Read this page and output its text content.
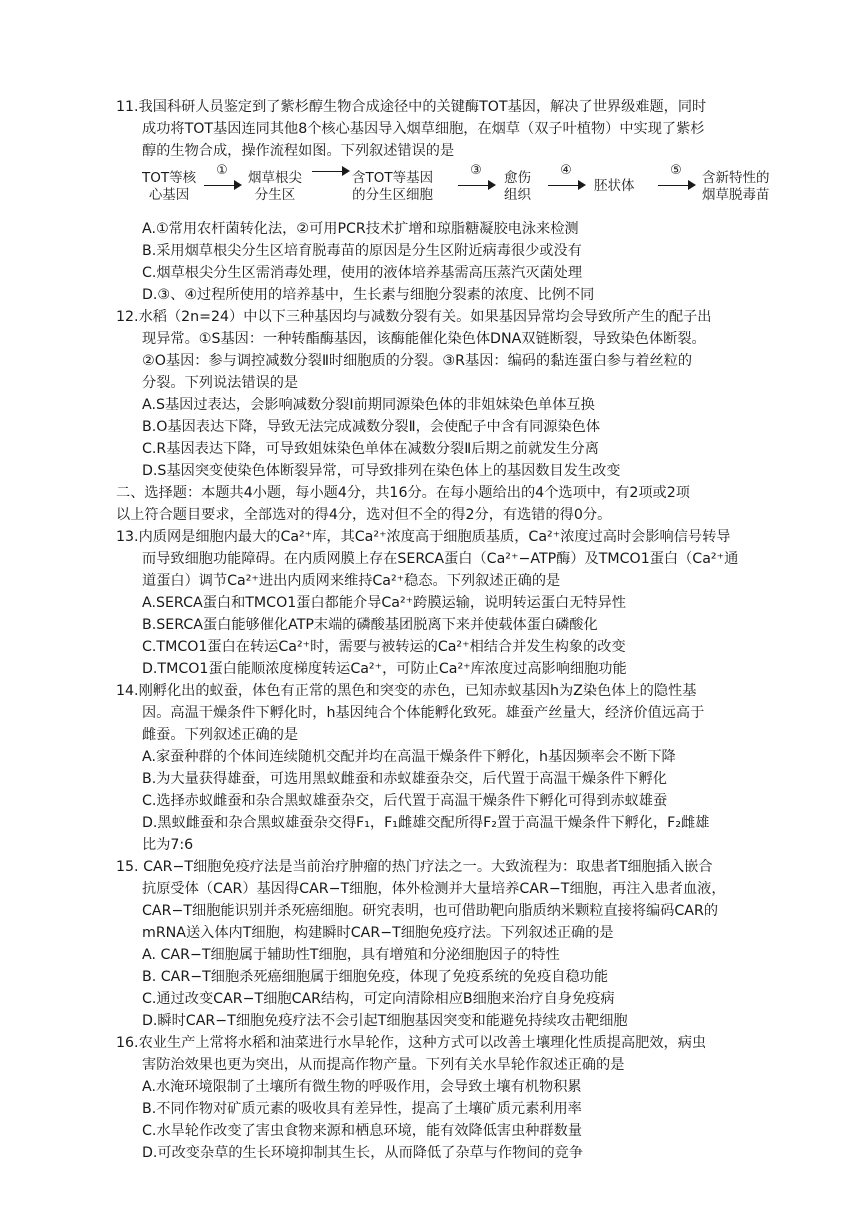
11.我国科研人员鉴定到了紫杉醇生物合成途径中的关键酶TOT基因，解决了世界级难题，同时
成功将TOT基因连同其他8个核心基因导入烟草细胞，在烟草（双子叶植物）中实现了紫杉
醇的生物合成，操作流程如图。下列叙述错误的是
TOT等核
心基因
①	烟草根尖
分生区
含TOT等基因
的分生区细胞
③	愈伤
组织
④
胚状体
⑤	含新特性的
烟草脱毒苗
A.①常用农杆菌转化法，②可用PCR技术扩增和琼脂糖凝胶电泳来检测
B.采用烟草根尖分生区培育脱毒苗的原因是分生区附近病毒很少或没有
C.烟草根尖分生区需消毒处理，使用的液体培养基需高压蒸汽灭菌处理
D.③、④过程所使用的培养基中，生长素与细胞分裂素的浓度、比例不同
12.水稻（2n=24）中以下三种基因均与减数分裂有关。如果基因异常均会导致所产生的配子出
现异常。①S基因：一种转酯酶基因，该酶能催化染色体DNA双链断裂，导致染色体断裂。
②O基因：参与调控减数分裂Ⅱ时细胞质的分裂。③R基因：编码的黏连蛋白参与着丝粒的
分裂。下列说法错误的是
A.S基因过表达，会影响减数分裂Ⅰ前期同源染色体的非姐妹染色单体互换
B.O基因表达下降，导致无法完成减数分裂Ⅱ，会使配子中含有同源染色体
C.R基因表达下降，可导致姐妹染色单体在减数分裂Ⅱ后期之前就发生分离
D.S基因突变使染色体断裂异常，可导致排列在染色体上的基因数目发生改变
二、选择题：本题共4小题，每小题4分，共16分。在每小题给出的4个选项中，有2项或2项
以上符合题目要求，全部选对的得4分，选对但不全的得2分，有选错的得0分。
13.内质网是细胞内最大的Ca²⁺库，其Ca²⁺浓度高于细胞质基质，Ca²⁺浓度过高时会影响信号转导
而导致细胞功能障碍。在内质网膜上存在SERCA蛋白（Ca²⁺−ATP酶）及TMCO1蛋白（Ca²⁺通
道蛋白）调节Ca²⁺进出内质网来维持Ca²⁺稳态。下列叙述正确的是
A.SERCA蛋白和TMCO1蛋白都能介导Ca²⁺跨膜运输，说明转运蛋白无特异性
B.SERCA蛋白能够催化ATP末端的磷酸基团脱离下来并使载体蛋白磷酸化
C.TMCO1蛋白在转运Ca²⁺时，需要与被转运的Ca²⁺相结合并发生构象的改变
D.TMCO1蛋白能顺浓度梯度转运Ca²⁺，可防止Ca²⁺库浓度过高影响细胞功能
14.刚孵化出的蚁蚕，体色有正常的黑色和突变的赤色，已知赤蚁基因h为Z染色体上的隐性基
因。高温干燥条件下孵化时，h基因纯合个体能孵化致死。雄蚕产丝量大，经济价值远高于
雌蚕。下列叙述正确的是
A.家蚕种群的个体间连续随机交配并均在高温干燥条件下孵化，h基因频率会不断下降
B.为大量获得雄蚕，可选用黑蚁雌蚕和赤蚁雄蚕杂交，后代置于高温干燥条件下孵化
C.选择赤蚁雌蚕和杂合黑蚁雄蚕杂交，后代置于高温干燥条件下孵化可得到赤蚁雄蚕
D.黑蚁雌蚕和杂合黑蚁雄蚕杂交得F₁，F₁雌雄交配所得F₂置于高温干燥条件下孵化，F₂雌雄
比为7:6
15. CAR−T细胞免疫疗法是当前治疗肿瘤的热门疗法之一。大致流程为：取患者T细胞插入嵌合
抗原受体（CAR）基因得CAR−T细胞，体外检测并大量培养CAR−T细胞，再注入患者血液，
CAR−T细胞能识别并杀死癌细胞。研究表明，也可借助靶向脂质纳米颗粒直接将编码CAR的
mRNA送入体内T细胞，构建瞬时CAR−T细胞免疫疗法。下列叙述正确的是
A. CAR−T细胞属于辅助性T细胞，具有增殖和分泌细胞因子的特性
B. CAR−T细胞杀死癌细胞属于细胞免疫，体现了免疫系统的免疫自稳功能
C.通过改变CAR−T细胞CAR结构，可定向清除相应B细胞来治疗自身免疫病
D.瞬时CAR−T细胞免疫疗法不会引起T细胞基因突变和能避免持续攻击靶细胞
16.农业生产上常将水稻和油菜进行水旱轮作，这种方式可以改善土壤理化性质提高肥效，病虫
害防治效果也更为突出，从而提高作物产量。下列有关水旱轮作叙述正确的是
A.水淹环境限制了土壤所有微生物的呼吸作用，会导致土壤有机物积累
B.不同作物对矿质元素的吸收具有差异性，提高了土壤矿质元素利用率
C.水旱轮作改变了害虫食物来源和栖息环境，能有效降低害虫种群数量
D.可改变杂草的生长环境抑制其生长，从而降低了杂草与作物间的竞争
